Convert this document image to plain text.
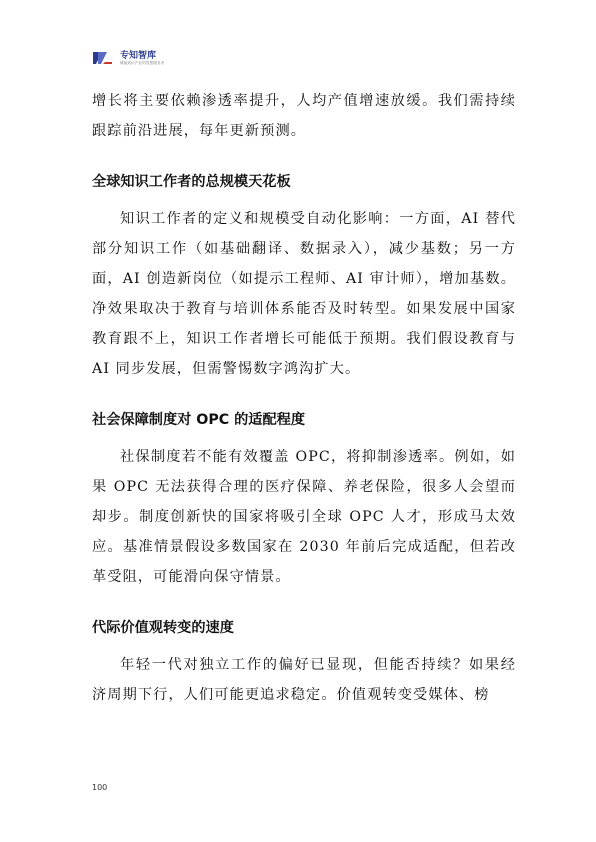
专知智库
赋能知识产业的智慧服务者

增长将主要依赖渗透率提升，人均产值增速放缓。我们需持续跟踪前沿进展，每年更新预测。

全球知识工作者的总规模天花板

知识工作者的定义和规模受自动化影响：一方面，AI 替代部分知识工作（如基础翻译、数据录入），减少基数；另一方面，AI 创造新岗位（如提示工程师、AI 审计师），增加基数。净效果取决于教育与培训体系能否及时转型。如果发展中国家教育跟不上，知识工作者增长可能低于预期。我们假设教育与 AI 同步发展，但需警惕数字鸿沟扩大。

社会保障制度对 OPC 的适配程度

社保制度若不能有效覆盖 OPC，将抑制渗透率。例如，如果 OPC 无法获得合理的医疗保障、养老保险，很多人会望而却步。制度创新快的国家将吸引全球 OPC 人才，形成马太效应。基准情景假设多数国家在 2030 年前后完成适配，但若改革受阻，可能滑向保守情景。

代际价值观转变的速度

年轻一代对独立工作的偏好已显现，但能否持续？如果经济周期下行，人们可能更追求稳定。价值观转变受媒体、榜

100
